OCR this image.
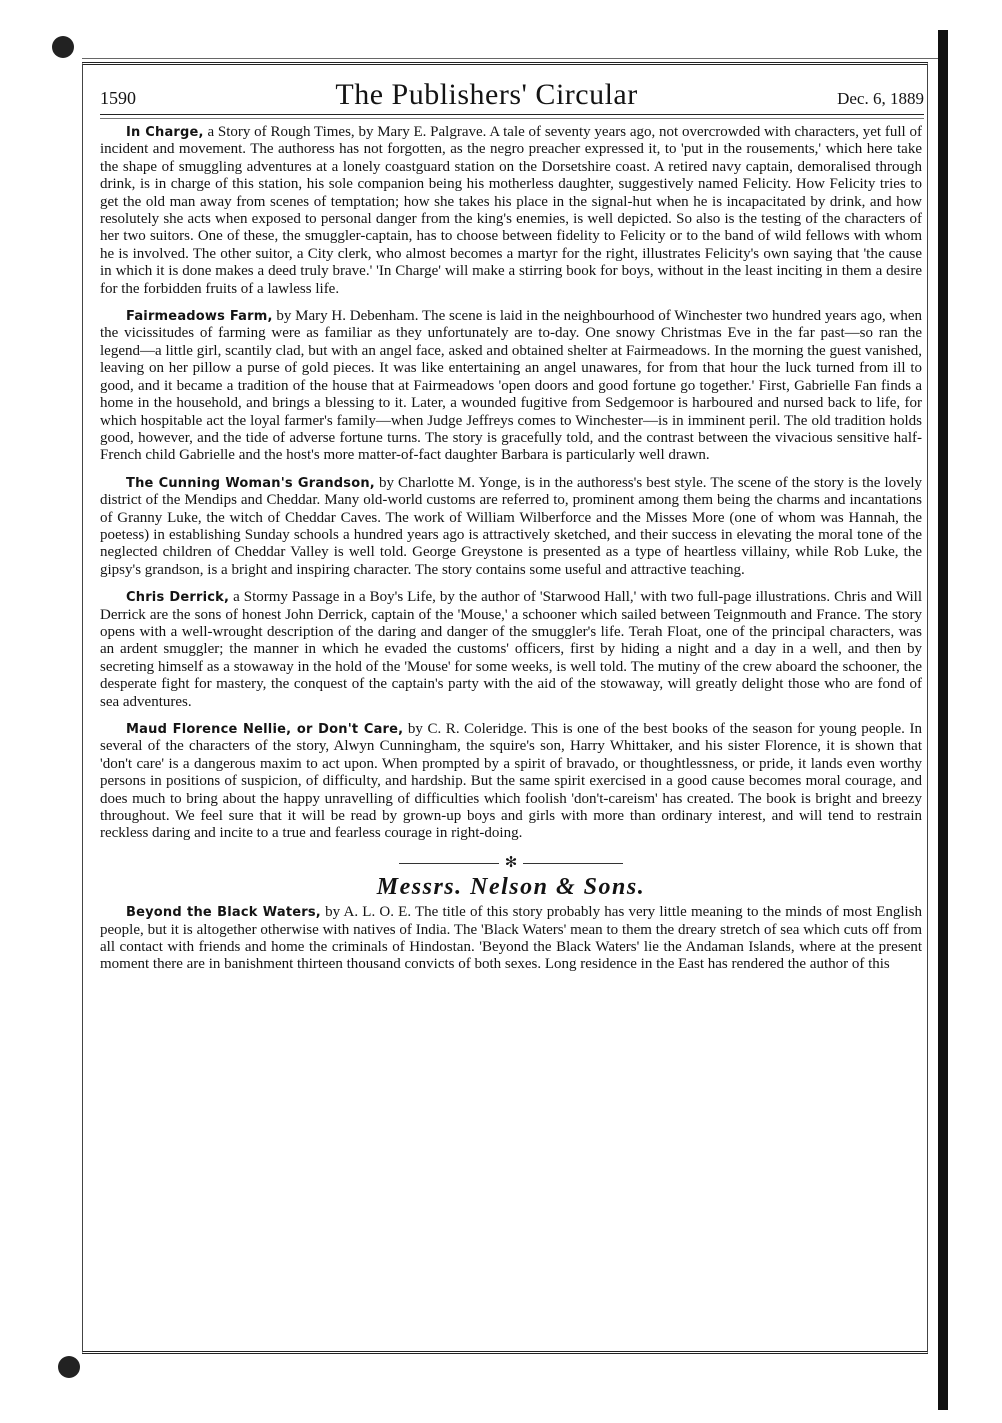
1590	The Publishers' Circular	Dec. 6, 1889

In Charge, a Story of Rough Times, by Mary E. Palgrave. A tale of seventy years ago, not overcrowded with characters, yet full of incident and movement. The authoress has not forgotten, as the negro preacher expressed it, to 'put in the rousements,' which here take the shape of smuggling adventures at a lonely coastguard station on the Dorsetshire coast. A retired navy captain, demoralised through drink, is in charge of this station, his sole companion being his motherless daughter, suggestively named Felicity. How Felicity tries to get the old man away from scenes of temptation; how she takes his place in the signal-hut when he is incapacitated by drink, and how resolutely she acts when exposed to personal danger from the king's enemies, is well depicted. So also is the testing of the characters of her two suitors. One of these, the smuggler-captain, has to choose between fidelity to Felicity or to the band of wild fellows with whom he is involved. The other suitor, a City clerk, who almost becomes a martyr for the right, illustrates Felicity's own saying that 'the cause in which it is done makes a deed truly brave.' 'In Charge' will make a stirring book for boys, without in the least inciting in them a desire for the forbidden fruits of a lawless life.

Fairmeadows Farm, by Mary H. Debenham. The scene is laid in the neighbourhood of Winchester two hundred years ago, when the vicissitudes of farming were as familiar as they unfortunately are to-day. One snowy Christmas Eve in the far past—so ran the legend—a little girl, scantily clad, but with an angel face, asked and obtained shelter at Fairmeadows. In the morning the guest vanished, leaving on her pillow a purse of gold pieces. It was like entertaining an angel unawares, for from that hour the luck turned from ill to good, and it became a tradition of the house that at Fairmeadows 'open doors and good fortune go together.' First, Gabrielle Fan finds a home in the household, and brings a blessing to it. Later, a wounded fugitive from Sedgemoor is harboured and nursed back to life, for which hospitable act the loyal farmer's family—when Judge Jeffreys comes to Winchester—is in imminent peril. The old tradition holds good, however, and the tide of adverse fortune turns. The story is gracefully told, and the contrast between the vivacious sensitive half-French child Gabrielle and the host's more matter-of-fact daughter Barbara is particularly well drawn.

The Cunning Woman's Grandson, by Charlotte M. Yonge, is in the authoress's best style. The scene of the story is the lovely district of the Mendips and Cheddar. Many old-world customs are referred to, prominent among them being the charms and incantations of Granny Luke, the witch of Cheddar Caves. The work of William Wilberforce and the Misses More (one of whom was Hannah, the poetess) in establishing Sunday schools a hundred years ago is attractively sketched, and their success in elevating the moral tone of the neglected children of Cheddar Valley is well told. George Greystone is presented as a type of heartless villainy, while Rob Luke, the gipsy's grandson, is a bright and inspiring character. The story contains some useful and attractive teaching.

Chris Derrick, a Stormy Passage in a Boy's Life, by the author of 'Starwood Hall,' with two full-page illustrations. Chris and Will Derrick are the sons of honest John Derrick, captain of the 'Mouse,' a schooner which sailed between Teignmouth and France. The story opens with a well-wrought description of the daring and danger of the smuggler's life. Terah Float, one of the principal characters, was an ardent smuggler; the manner in which he evaded the customs' officers, first by hiding a night and a day in a well, and then by secreting himself as a stowaway in the hold of the 'Mouse' for some weeks, is well told. The mutiny of the crew aboard the schooner, the desperate fight for mastery, the conquest of the captain's party with the aid of the stowaway, will greatly delight those who are fond of sea adventures.

Maud Florence Nellie, or Don't Care, by C. R. Coleridge. This is one of the best books of the season for young people. In several of the characters of the story, Alwyn Cunningham, the squire's son, Harry Whittaker, and his sister Florence, it is shown that 'don't care' is a dangerous maxim to act upon. When prompted by a spirit of bravado, or thoughtlessness, or pride, it lands even worthy persons in positions of suspicion, of difficulty, and hardship. But the same spirit exercised in a good cause becomes moral courage, and does much to bring about the happy unravelling of difficulties which foolish 'don't-careism' has created. The book is bright and breezy throughout. We feel sure that it will be read by grown-up boys and girls with more than ordinary interest, and will tend to restrain reckless daring and incite to a true and fearless courage in right-doing.

✻
Messrs. Nelson & Sons.

Beyond the Black Waters, by A. L. O. E. The title of this story probably has very little meaning to the minds of most English people, but it is altogether otherwise with natives of India. The 'Black Waters' mean to them the dreary stretch of sea which cuts off from all contact with friends and home the criminals of Hindostan. 'Beyond the Black Waters' lie the Andaman Islands, where at the present moment there are in banishment thirteen thousand convicts of both sexes. Long residence in the East has rendered the author of this
